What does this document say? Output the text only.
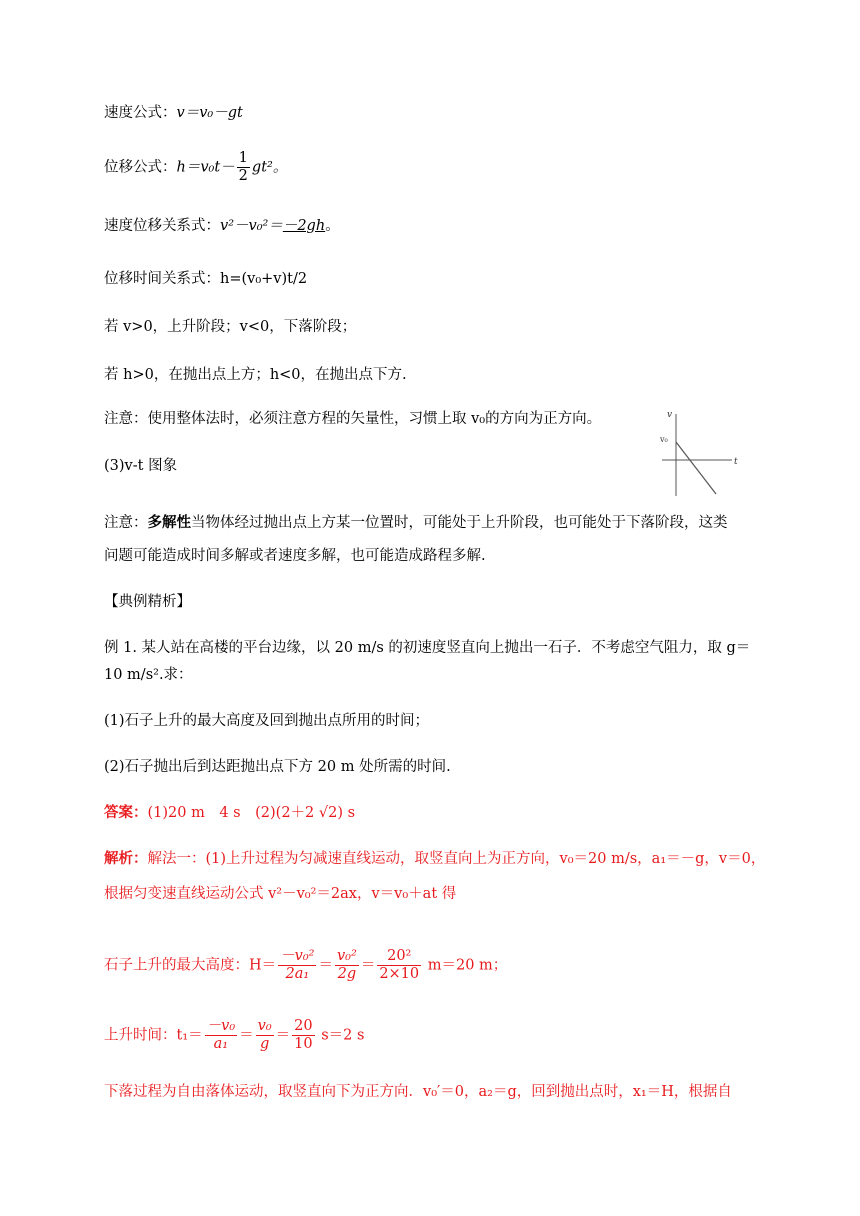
速度公式：v＝v₀－gt
位移公式：$h=v_0t- \frac{1}{2} gt^2$。
速度位移关系式：v²－v₀²＝－2gh。
位移时间关系式：h=(v₀+v)t/2
若 v>0，上升阶段；v<0，下落阶段；
若 h>0，在抛出点上方；h<0，在抛出点下方.
注意：使用整体法时，必须注意方程的矢量性，习惯上取 v₀的方向为正方向。
(3)v-t 图象
v
v₀
t
注意：多解性当物体经过抛出点上方某一位置时，可能处于上升阶段，也可能处于下落阶段，这类
问题可能造成时间多解或者速度多解，也可能造成路程多解.
【典例精析】
例 1. 某人站在高楼的平台边缘，以 20 m/s 的初速度竖直向上抛出一石子．不考虑空气阻力，取 g＝
10 m/s².求：
(1)石子上升的最大高度及回到抛出点所用的时间；
(2)石子抛出后到达距抛出点下方 20 m 处所需的时间.
答案：(1)20 m　4 s　(2)(2＋2 √2) s
解析：解法一：(1)上升过程为匀减速直线运动，取竖直向上为正方向，v₀＝20 m/s，a₁＝－g，v＝0，
根据匀变速直线运动公式 v²－v₀²＝2ax，v＝v₀＋at 得
石子上升的最大高度：$H= \frac{\text{－v₀²}}{\text{2a₁}} = \frac{\text{v₀²}}{2g} = \frac{\text{20²}}{2\times 10} m=20$ m；
上升时间：$t_1= \frac{\text{－v₀}}{\text{a₁}} = \frac{\text{v₀}}{g} = \frac{20}{10} s=2$ s
下落过程为自由落体运动，取竖直向下为正方向．v₀′＝0，a₂＝g，回到抛出点时，x₁＝H，根据自
